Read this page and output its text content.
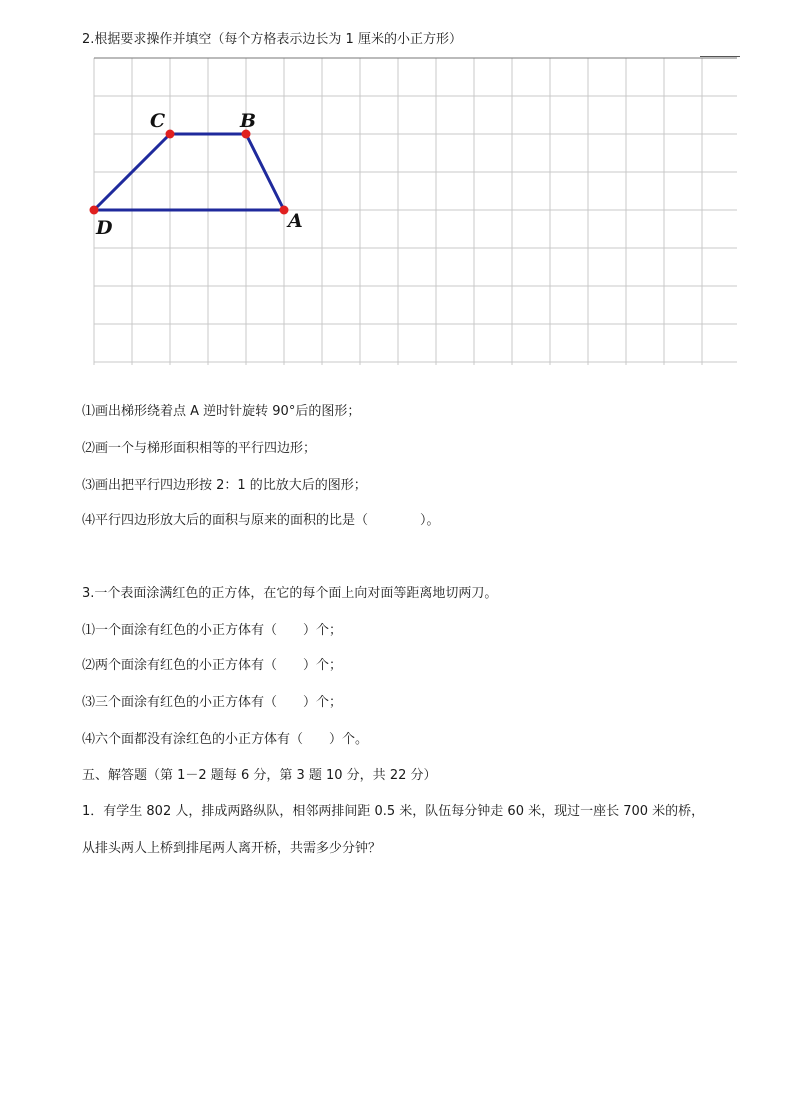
2.根据要求操作并填空（每个方格表示边长为 1 厘米的小正方形）
C	B
D	A
⑴画出梯形绕着点 A 逆时针旋转 90°后的图形；
⑵画一个与梯形面积相等的平行四边形；
⑶画出把平行四边形按 2：1 的比放大后的图形；
⑷平行四边形放大后的面积与原来的面积的比是（　　　　）。
3.一个表面涂满红色的正方体，在它的每个面上向对面等距离地切两刀。
⑴一个面涂有红色的小正方体有（　　）个；
⑵两个面涂有红色的小正方体有（　　）个；
⑶三个面涂有红色的小正方体有（　　）个；
⑷六个面都没有涂红色的小正方体有（　　）个。
五、解答题（第 1－2 题每 6 分，第 3 题 10 分，共 22 分）
1．有学生 802 人，排成两路纵队，相邻两排间距 0.5 米，队伍每分钟走 60 米，现过一座长 700 米的桥，
从排头两人上桥到排尾两人离开桥，共需多少分钟？
